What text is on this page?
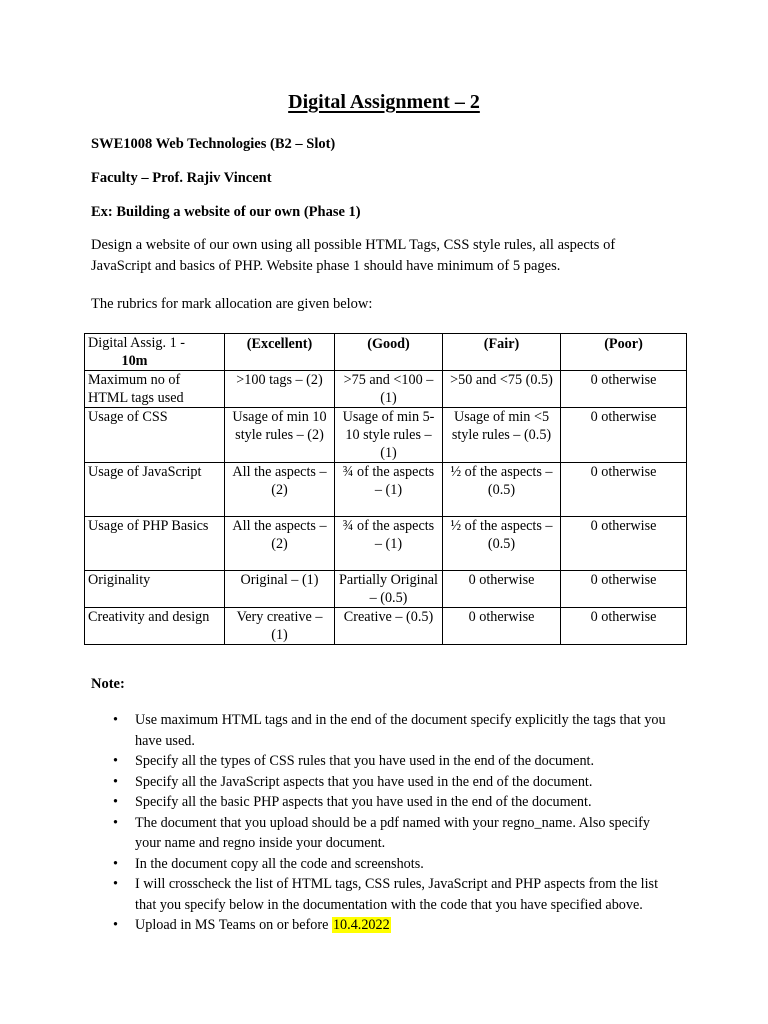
Digital Assignment – 2
SWE1008 Web Technologies (B2 – Slot)
Faculty – Prof. Rajiv Vincent
Ex: Building a website of our own (Phase 1)
Design a website of our own using all possible HTML Tags, CSS style rules, all aspects of JavaScript and basics of PHP. Website phase 1 should have minimum of 5 pages.
The rubrics for mark allocation are given below:
Digital Assig. 1 -
10m	(Excellent)	(Good)	(Fair)	(Poor)
Maximum no of HTML tags used	>100 tags – (2)	>75 and <100 – (1)	>50 and <75 (0.5)	0 otherwise
Usage of CSS	Usage of min 10 style rules – (2)	Usage of min 5-10 style rules – (1)	Usage of min <5 style rules – (0.5)	0 otherwise
Usage of JavaScript	All the aspects – (2)	¾ of the aspects – (1)	½ of the aspects – (0.5)	0 otherwise
Usage of PHP Basics	All the aspects – (2)	¾ of the aspects – (1)	½ of the aspects – (0.5)	0 otherwise
Originality	Original – (1)	Partially Original – (0.5)	0 otherwise	0 otherwise
Creativity and design	Very creative – (1)	Creative – (0.5)	0 otherwise	0 otherwise
Note:
• Use maximum HTML tags and in the end of the document specify explicitly the tags that you have used.
• Specify all the types of CSS rules that you have used in the end of the document.
• Specify all the JavaScript aspects that you have used in the end of the document.
• Specify all the basic PHP aspects that you have used in the end of the document.
• The document that you upload should be a pdf named with your regno_name. Also specify your name and regno inside your document.
• In the document copy all the code and screenshots.
• I will crosscheck the list of HTML tags, CSS rules, JavaScript and PHP aspects from the list that you specify below in the documentation with the code that you have specified above.
• Upload in MS Teams on or before 10.4.2022
